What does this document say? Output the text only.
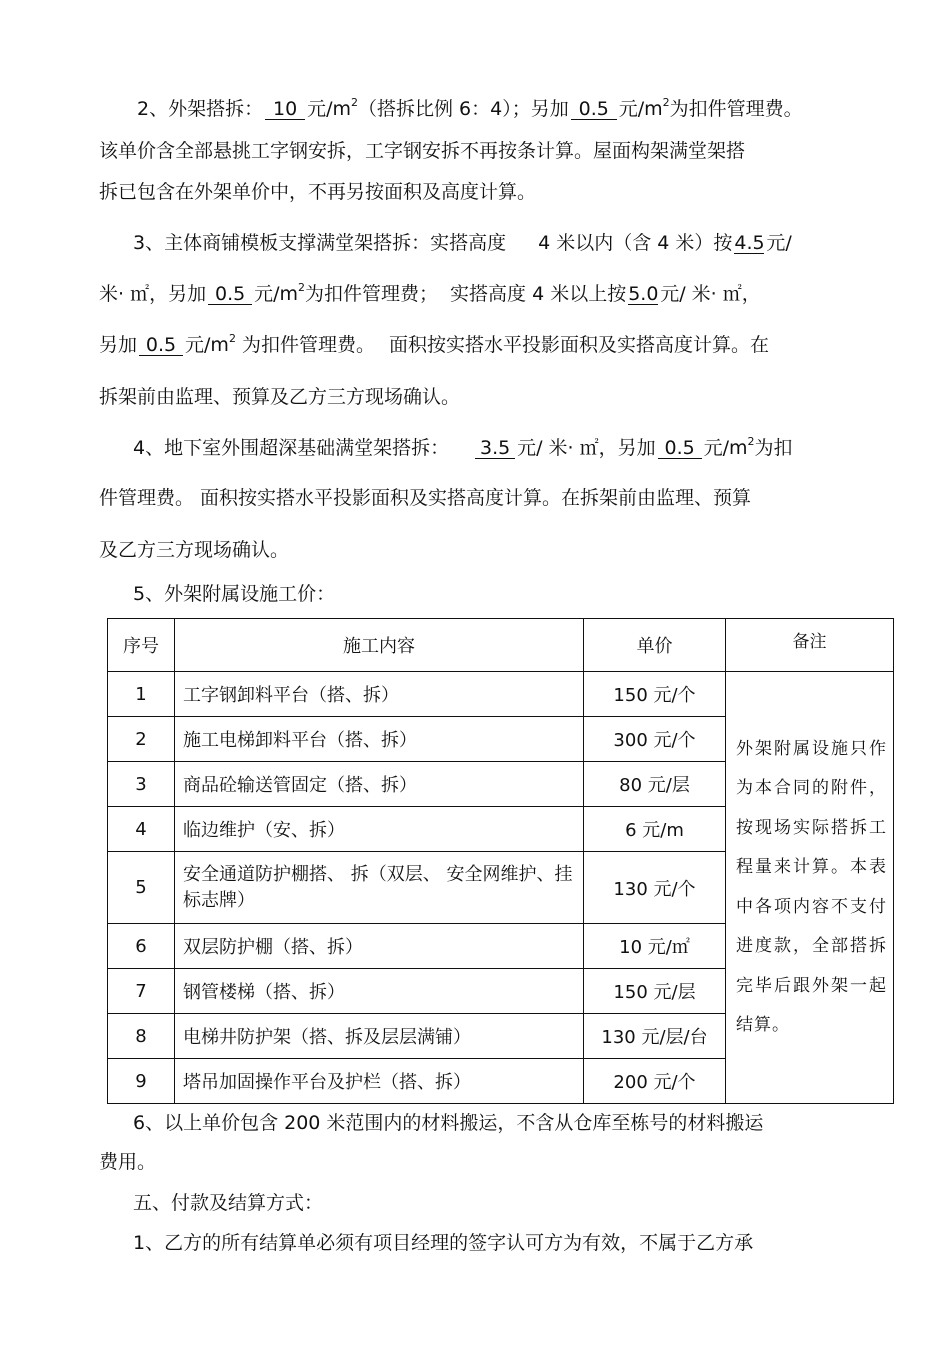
2、外架搭拆： 10 元$/m^2$（搭拆比例 6：4）；另加 0.5 元$/m^2$为扣件管理费。
该单价含全部悬挑工字钢安拆，工字钢安拆不再按条计算。屋面构架满堂架搭
拆已包含在外架单价中，不再另按面积及高度计算。
3、主体商铺模板支撑满堂架搭拆：实搭高度 4 米以内（含 4 米）按 4.5元/
米· ㎡，另加 0.5 元$/m^2$为扣件管理费； 实搭高度 4 米以上按 5.0元/ 米· ㎡，
另加 0.5 元$/m^2$ 为扣件管理费。 面积按实搭水平投影面积及实搭高度计算。在
拆架前由监理、预算及乙方三方现场确认。
4、地下室外围超深基础满堂架搭拆： 3.5 元/ 米· ㎡，另加 0.5 元$/m^2$为扣
件管理费。 面积按实搭水平投影面积及实搭高度计算。在拆架前由监理、预算
及乙方三方现场确认。
5、外架附属设施工价：
序号	施工内容	单价	备注
1	工字钢卸料平台（搭、拆）	150 元/个	外架附属设施只作为本合同的附件，按现场实际搭拆工程量来计算。本表中各项内容不支付进度款，全部搭拆完毕后跟外架一起结算。
2	施工电梯卸料平台（搭、拆）	300 元/个	
3	商品砼输送管固定（搭、拆）	80 元/层	
4	临边维护（安、拆）	6 元/m	
5	安全通道防护棚搭、 拆（双层、 安全网维护、挂标志牌）	130 元/个	
6	双层防护棚（搭、拆）	10 元/㎡	
7	钢管楼梯（搭、拆）	150 元/层	
8	电梯井防护架（搭、拆及层层满铺）	130 元/层/台	
9	塔吊加固操作平台及护栏（搭、拆）	200 元/个	
6、以上单价包含 200 米范围内的材料搬运，不含从仓库至栋号的材料搬运
费用。
五、付款及结算方式：
1、乙方的所有结算单必须有项目经理的签字认可方为有效，不属于乙方承
